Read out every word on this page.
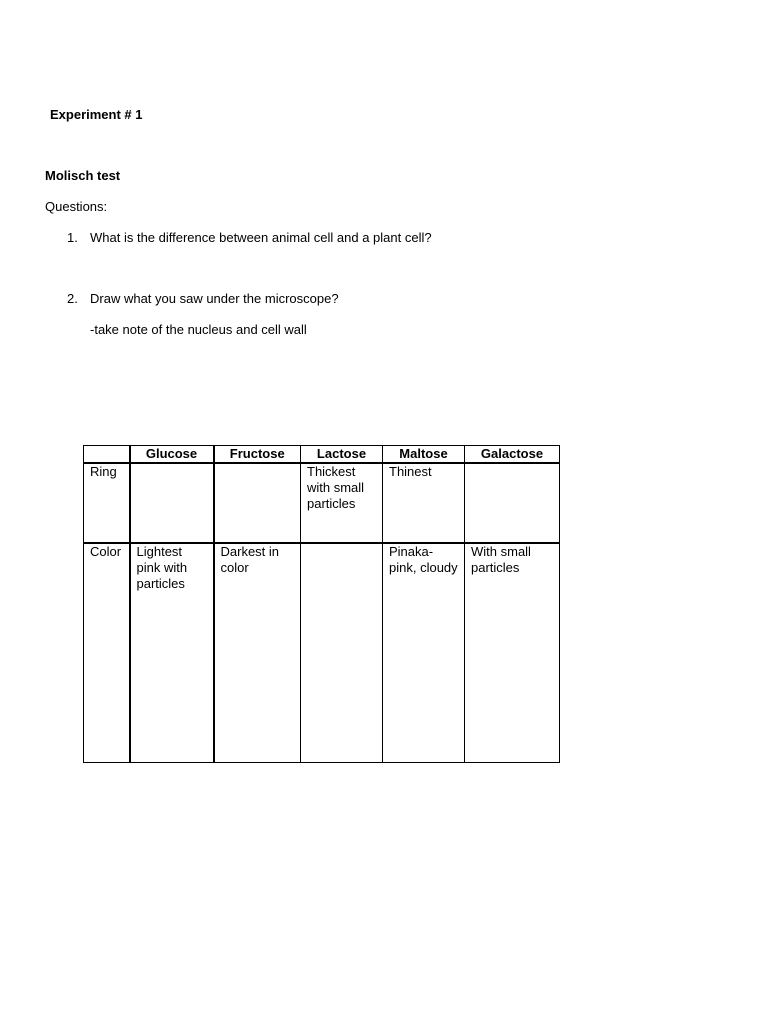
Experiment # 1
Molisch test
Questions:
1. What is the difference between animal cell and a plant cell?
2. Draw what you saw under the microscope?
-take note of the nucleus and cell wall
	Glucose	Fructose	Lactose	Maltose	Galactose
Ring			Thickest with small particles	Thinest	
Color	Lightest pink with particles	Darkest in color		Pinaka-pink, cloudy	With small particles
